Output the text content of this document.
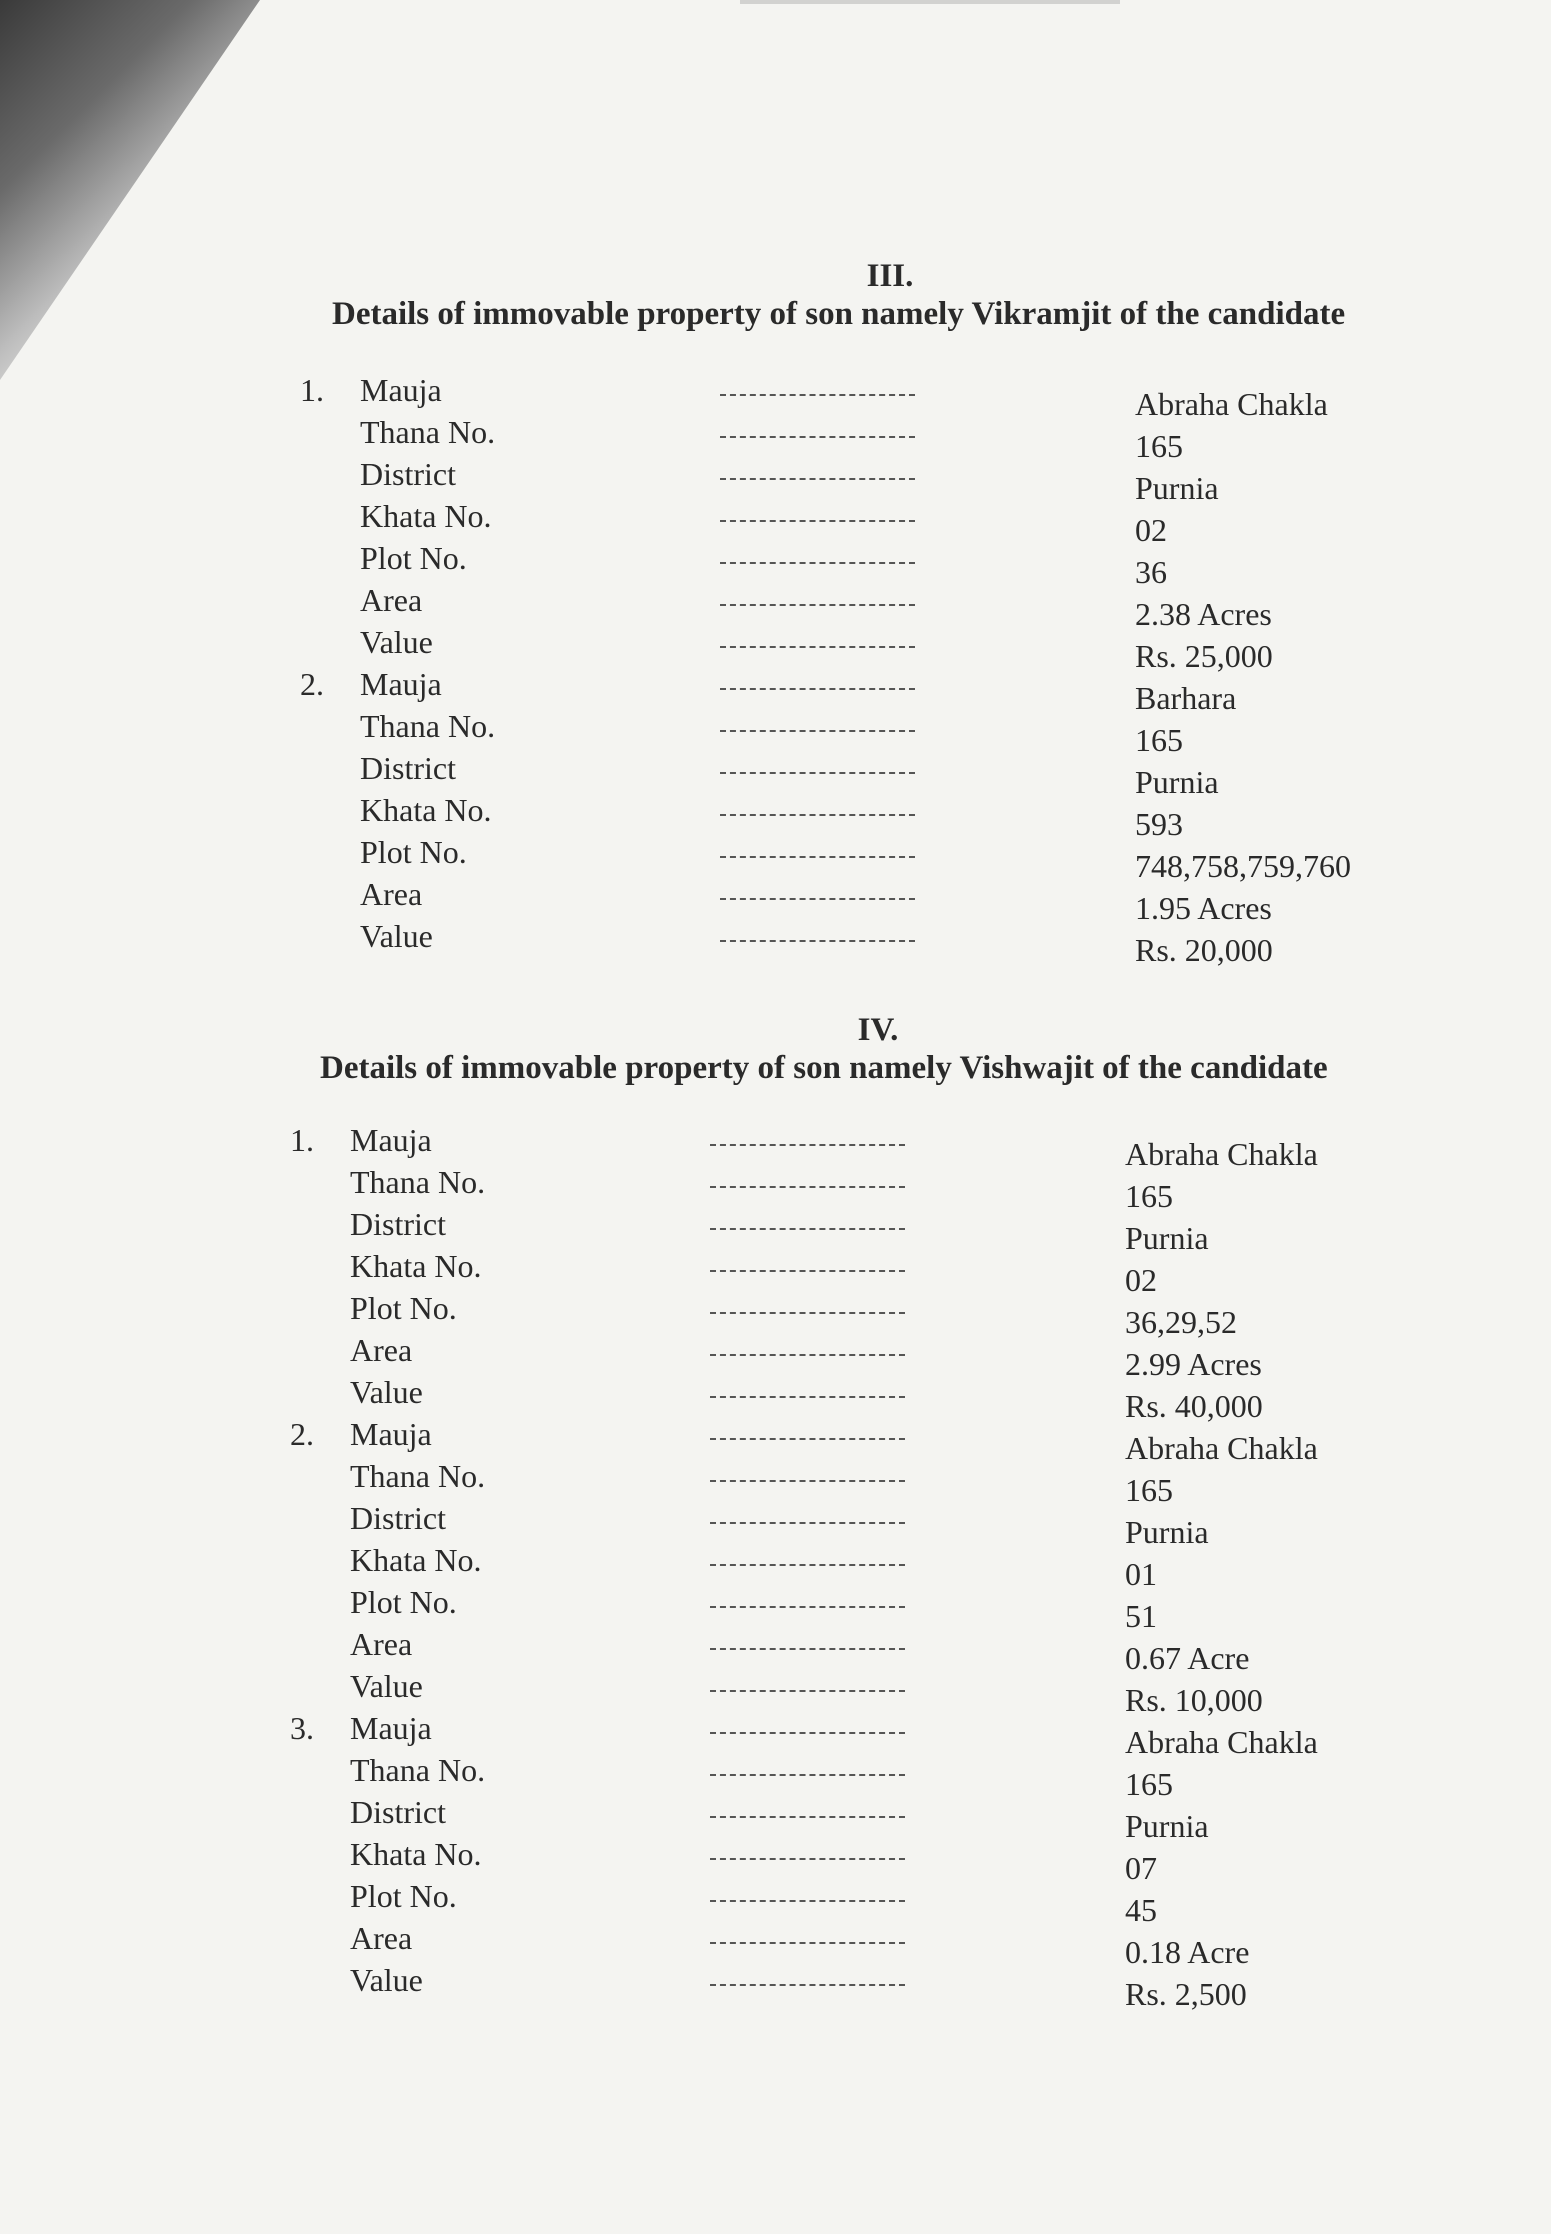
III.
Details of immovable property of son namely Vikramjit of the candidate
1.	Mauja	Abraha Chakla
Thana No.	165
District	Purnia
Khata No.	02
Plot No.	36
Area	2.38 Acres
Value	Rs. 25,000
2.	Mauja	Barhara
Thana No.	165
District	Purnia
Khata No.	593
Plot No.	748,758,759,760
Area	1.95 Acres
Value	Rs. 20,000
IV.
Details of immovable property of son namely Vishwajit of the candidate
1.	Mauja	Abraha Chakla
Thana No.	165
District	Purnia
Khata No.	02
Plot No.	36,29,52
Area	2.99 Acres
Value	Rs. 40,000
2.	Mauja	Abraha Chakla
Thana No.	165
District	Purnia
Khata No.	01
Plot No.	51
Area	0.67 Acre
Value	Rs. 10,000
3.	Mauja	Abraha Chakla
Thana No.	165
District	Purnia
Khata No.	07
Plot No.	45
Area	0.18 Acre
Value	Rs. 2,500
